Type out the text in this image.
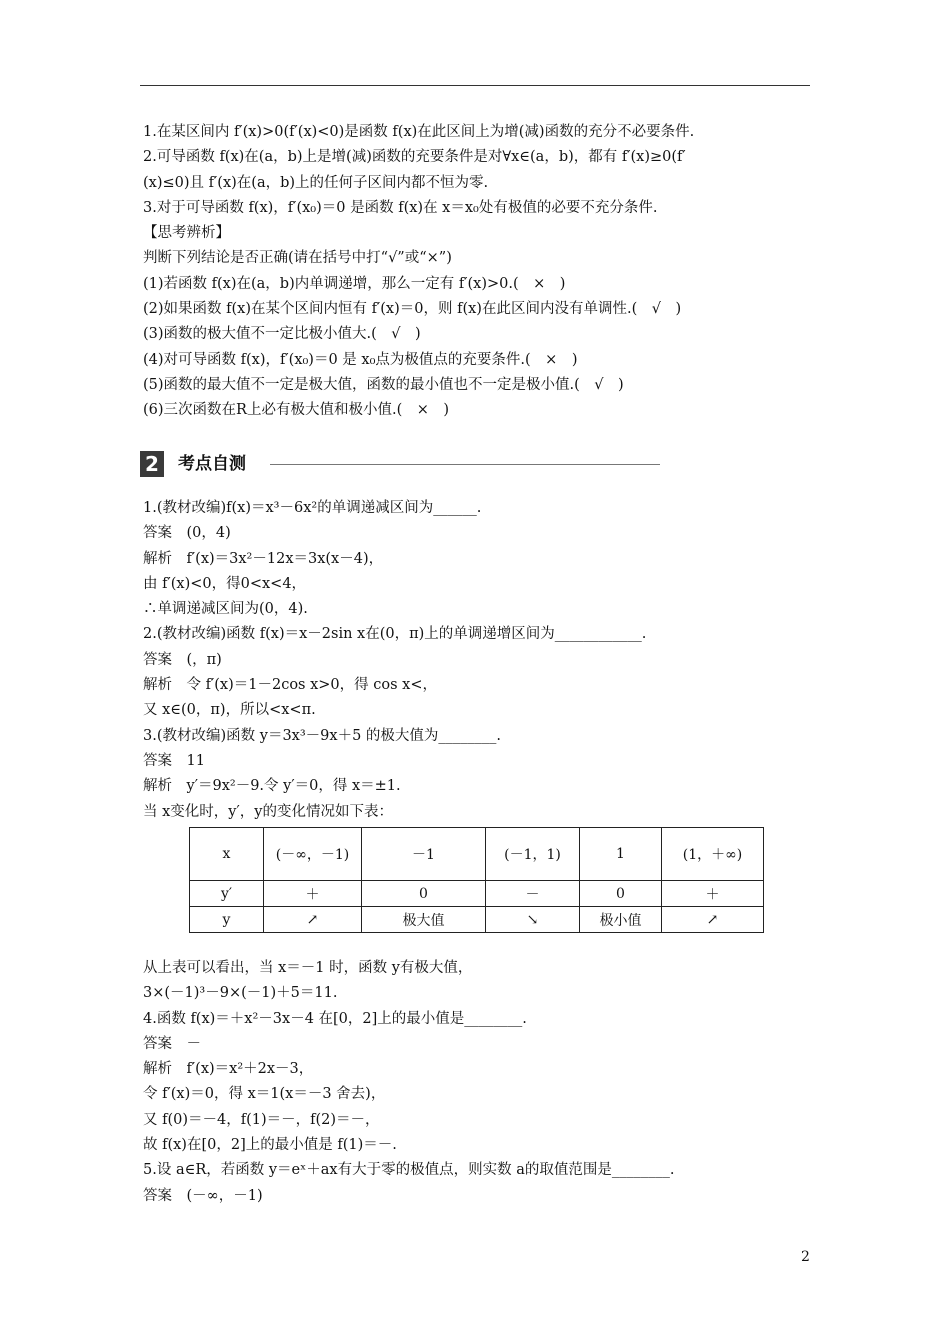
1.在某区间内 f′(x)>0(f′(x)<0)是函数 f(x)在此区间上为增(减)函数的充分不必要条件.
2.可导函数 f(x)在(a，b)上是增(减)函数的充要条件是对∀x∈(a，b)，都有 f′(x)≥0(f′
(x)≤0)且 f′(x)在(a，b)上的任何子区间内都不恒为零.
3.对于可导函数 f(x)，f′(x₀)＝0 是函数 f(x)在 x＝x₀处有极值的必要不充分条件.
【思考辨析】
判断下列结论是否正确(请在括号中打“√”或“×”)
(1)若函数 f(x)在(a，b)内单调递增，那么一定有 f′(x)>0.(　×　)
(2)如果函数 f(x)在某个区间内恒有 f′(x)＝0，则 f(x)在此区间内没有单调性.(　√　)
(3)函数的极大值不一定比极小值大.(　√　)
(4)对可导函数 f(x)，f′(x₀)＝0 是 x₀点为极值点的充要条件.(　×　)
(5)函数的最大值不一定是极大值，函数的最小值也不一定是极小值.(　√　)
(6)三次函数在R上必有极大值和极小值.(　×　)
2 考点自测
1.(教材改编)f(x)＝x³－6x²的单调递减区间为______.
答案　(0，4)
解析　f′(x)＝3x²－12x＝3x(x－4)，
由 f′(x)<0，得0<x<4，
∴单调递减区间为(0，4).
2.(教材改编)函数 f(x)＝x－2sin x在(0，π)上的单调递增区间为____________.
答案　(，π)
解析　令 f′(x)＝1－2cos x>0，得 cos x<，
又 x∈(0，π)，所以<x<π.
3.(教材改编)函数 y＝3x³－9x＋5 的极大值为________.
答案　11
解析　y′＝9x²－9.令 y′＝0，得 x＝±1.
当 x变化时，y′，y的变化情况如下表：
x	(－∞，－1)	－1	(－1，1)	1	(1，＋∞)
y′	＋	0	－	0	＋
y	↗	极大值	↘	极小值	↗
从上表可以看出，当 x＝－1 时，函数 y有极大值，
3×(－1)³－9×(－1)＋5＝11.
4.函数 f(x)＝＋x²－3x－4 在[0，2]上的最小值是________.
答案　－
解析　f′(x)＝x²＋2x－3，
令 f′(x)＝0，得 x＝1(x＝－3 舍去)，
又 f(0)＝－4，f(1)＝－，f(2)＝－，
故 f(x)在[0，2]上的最小值是 f(1)＝－.
5.设 a∈R，若函数 y＝eˣ＋ax有大于零的极值点，则实数 a的取值范围是________.
答案　(－∞，－1)
2
